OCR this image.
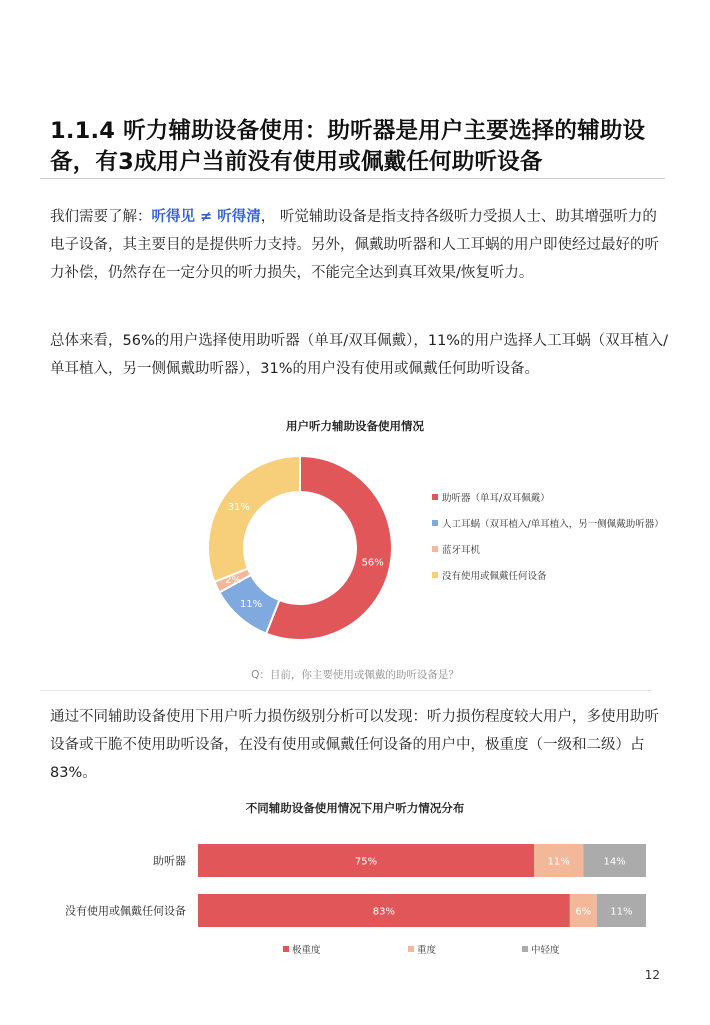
1.1.4 听力辅助设备使用：助听器是用户主要选择的辅助设备，有3成用户当前没有使用或佩戴任何助听设备
我们需要了解：听得见 ≠ 听得清， 听觉辅助设备是指支持各级听力受损人士、助其增强听力的电子设备，其主要目的是提供听力支持。另外，佩戴助听器和人工耳蜗的用户即使经过最好的听力补偿，仍然存在一定分贝的听力损失，不能完全达到真耳效果/恢复听力。
总体来看，56%的用户选择使用助听器（单耳/双耳佩戴），11%的用户选择人工耳蜗（双耳植入/单耳植入，另一侧佩戴助听器），31%的用户没有使用或佩戴任何助听设备。
用户听力辅助设备使用情况
56%
11%
2%
31%
助听器（单耳/双耳佩戴）
人工耳蜗（双耳植入/单耳植入，另一侧佩戴助听器）
蓝牙耳机
没有使用或佩戴任何设备
Q：目前，你主要使用或佩戴的助听设备是？
通过不同辅助设备使用下用户听力损伤级别分析可以发现：听力损伤程度较大用户，多使用助听设备或干脆不使用助听设备，在没有使用或佩戴任何设备的用户中，极重度（一级和二级）占83%。
不同辅助设备使用情况下用户听力情况分布
助听器	75%	11%	14%
没有使用或佩戴任何设备	83%	6% 11%
极重度	重度	中轻度
12
